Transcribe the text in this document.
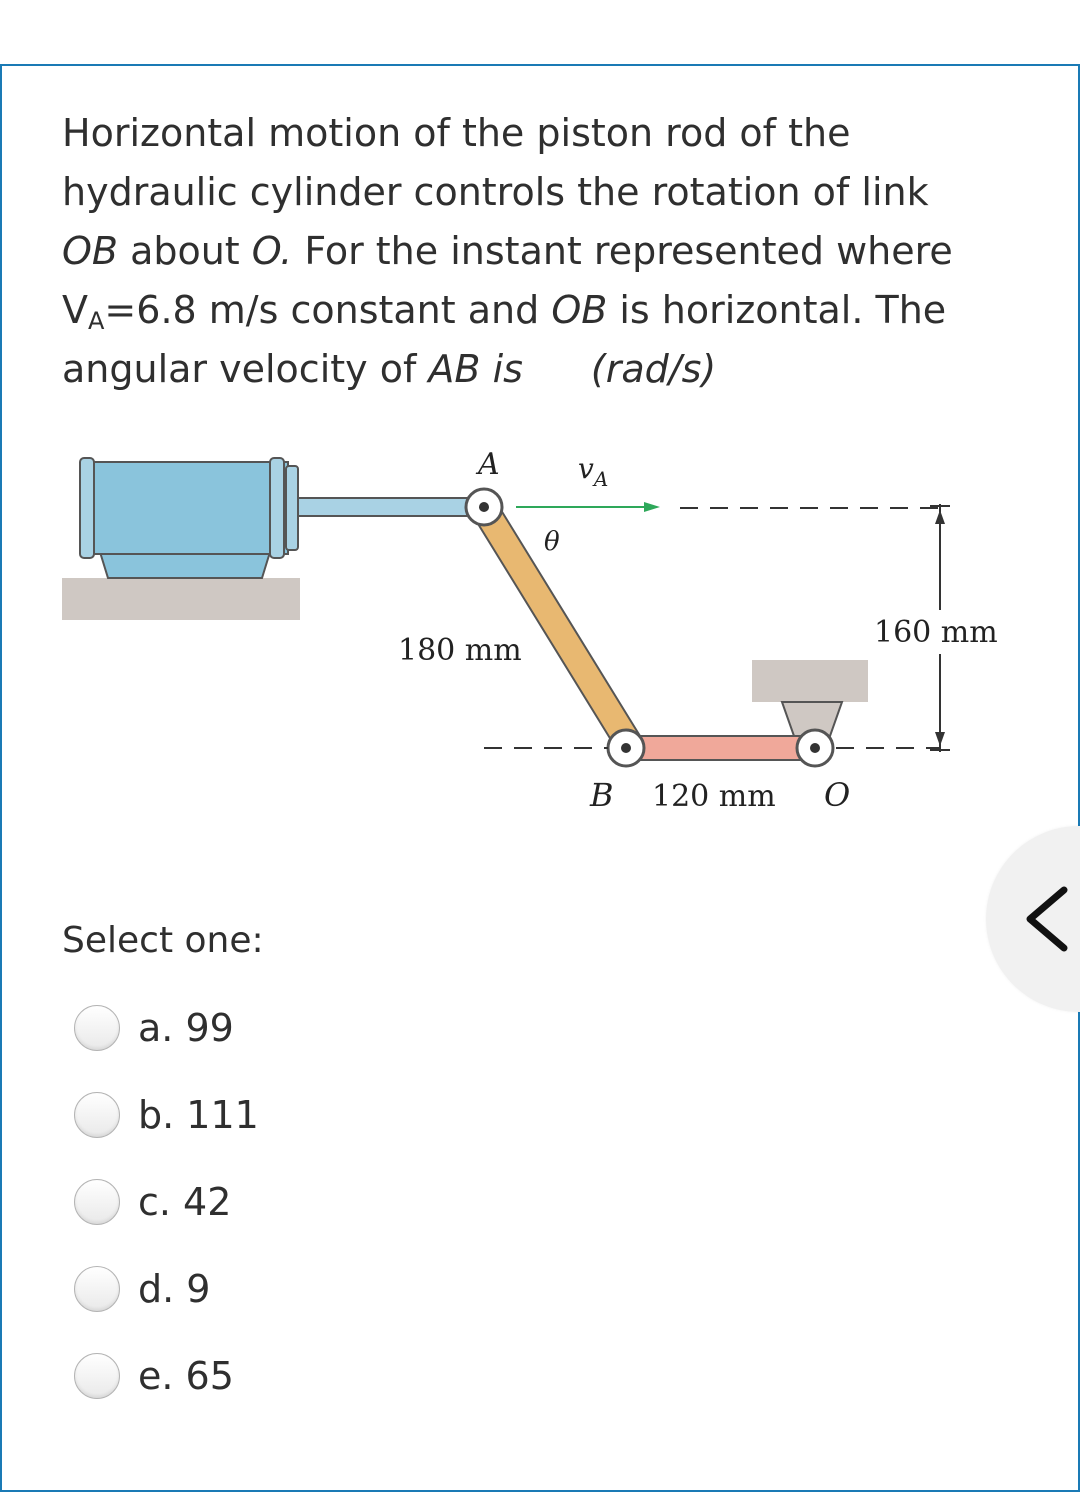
Horizontal motion of the piston rod of the
hydraulic cylinder controls the rotation of link
OB about O. For the instant represented where
$V_A=6.8$ m/s constant and OB is horizontal. The
angular velocity of AB is (rad/s)

A	$v_A$
θ
180 mm
160 mm
B 120 mm O
Select one:
a. 99
b. 111
c. 42
d. 9
e. 65
